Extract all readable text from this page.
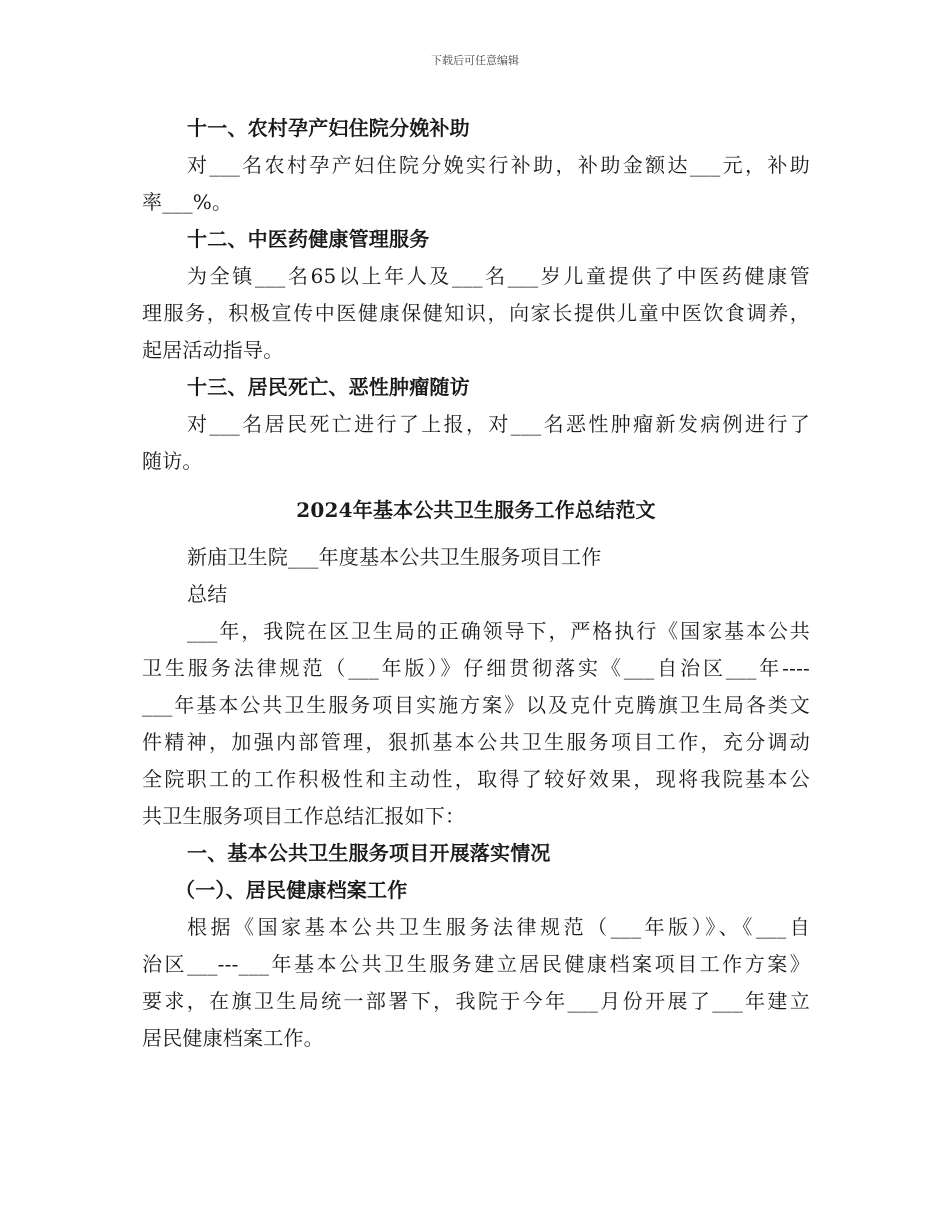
下载后可任意编辑
十一、农村孕产妇住院分娩补助
对___名农村孕产妇住院分娩实行补助，补助金额达___元，补助
率___%。
十二、中医药健康管理服务
为全镇___名65以上年人及___名___岁儿童提供了中医药健康管
理服务，积极宣传中医健康保健知识，向家长提供儿童中医饮食调养，
起居活动指导。
十三、居民死亡、恶性肿瘤随访
对___名居民死亡进行了上报，对___名恶性肿瘤新发病例进行了
随访。
2024年基本公共卫生服务工作总结范文
新庙卫生院___年度基本公共卫生服务项目工作
总结
___年，我院在区卫生局的正确领导下，严格执行《国家基本公共
卫生服务法律规范（___年版）》仔细贯彻落实《___自治区___年----
___年基本公共卫生服务项目实施方案》以及克什克腾旗卫生局各类文
件精神，加强内部管理，狠抓基本公共卫生服务项目工作，充分调动
全院职工的工作积极性和主动性，取得了较好效果，现将我院基本公
共卫生服务项目工作总结汇报如下：
一、基本公共卫生服务项目开展落实情况
（一）、居民健康档案工作
根据《国家基本公共卫生服务法律规范（___年版）》、《___自
治区___---___年基本公共卫生服务建立居民健康档案项目工作方案》
要求，在旗卫生局统一部署下，我院于今年___月份开展了___年建立
居民健康档案工作。
